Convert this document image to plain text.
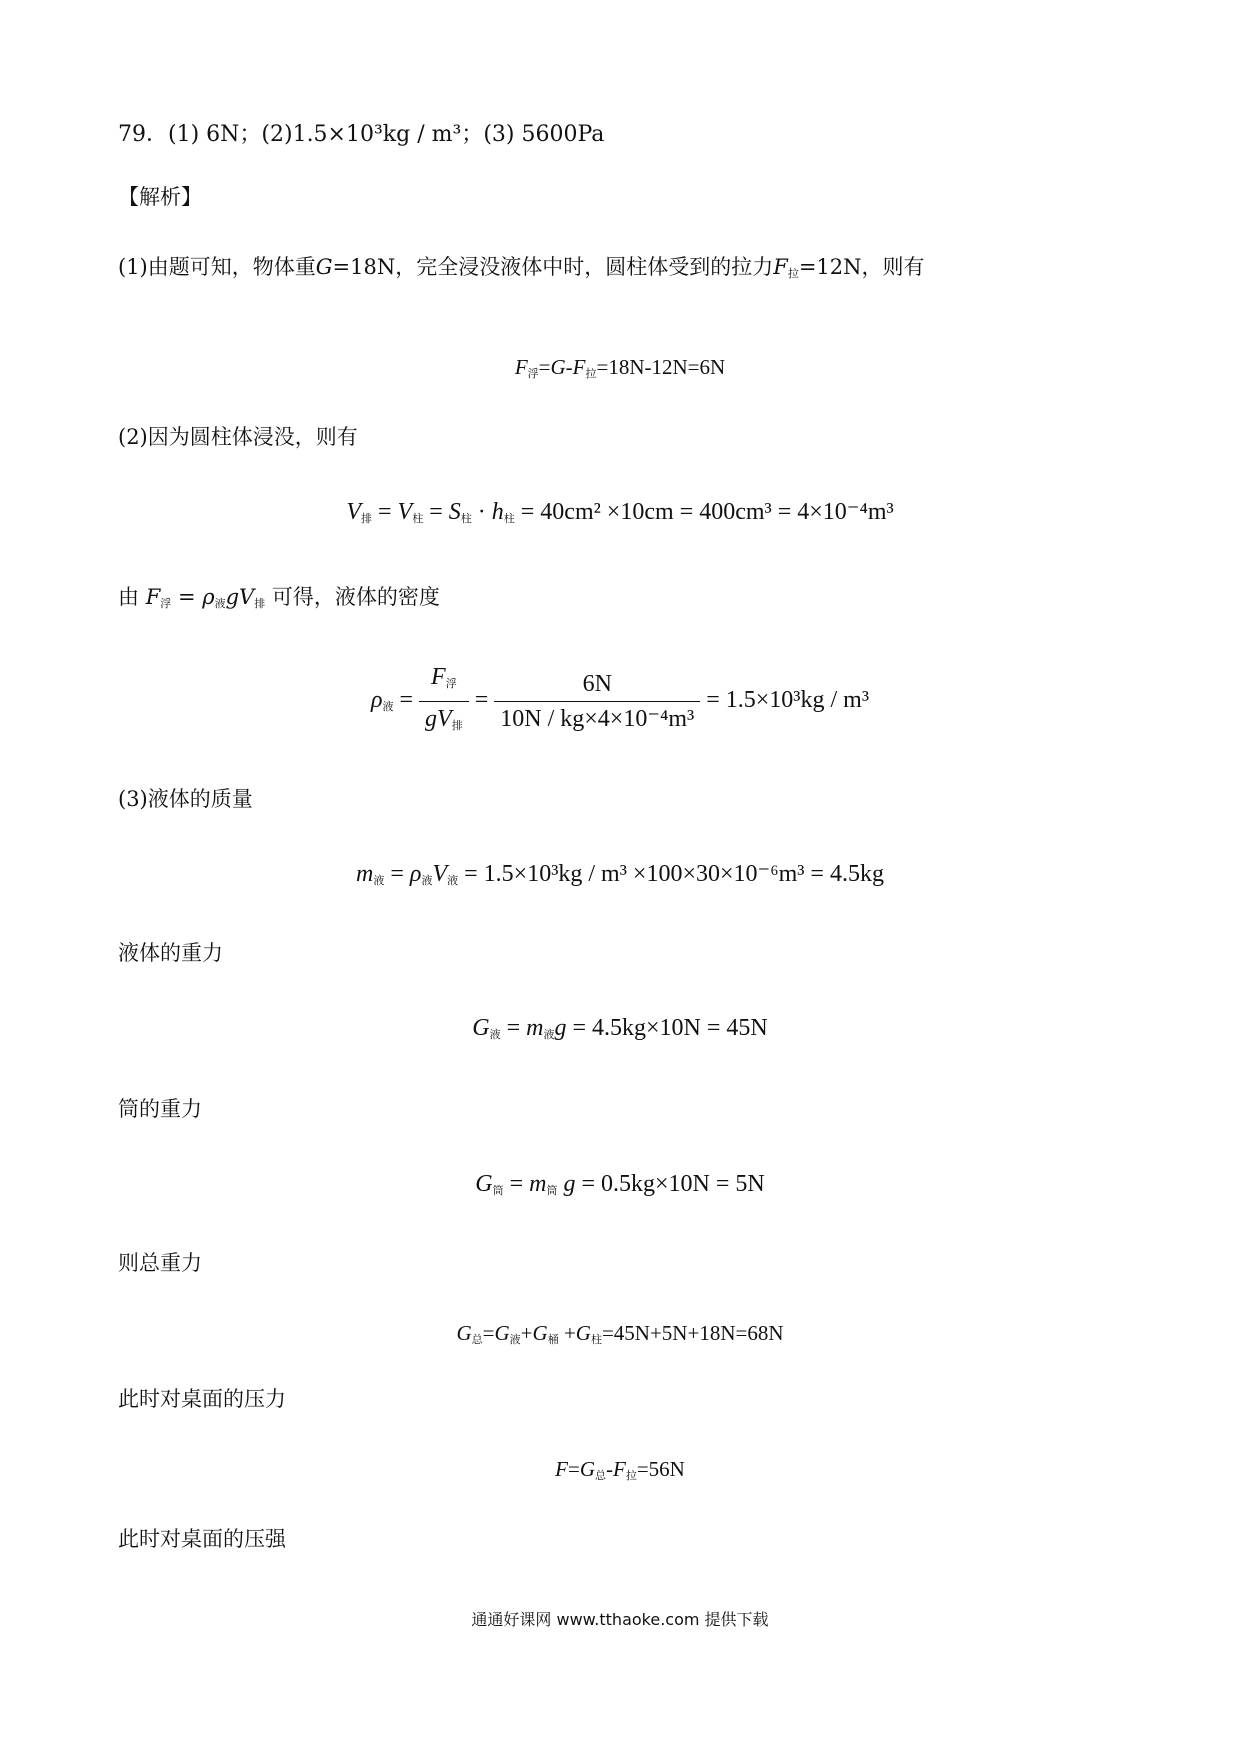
79．(1) 6N；(2)1.5×10³kg / m³；(3) 5600Pa
【解析】
(1)由题可知，物体重G=18N，完全浸没液体中时，圆柱体受到的拉力$F_拉=12N$，则有
$F_浮=G-F_拉=18N-12N=6N$
(2)因为圆柱体浸没，则有
$V_排 = V_柱 = S_柱 \cdot h_柱 = 40cm^2 \times 10cm = 400cm^3 = 4\times 10^{-4}m^3$
由 $F_浮 = \rho_液gV_排$ 可得，液体的密度
$\rho_液 = \frac{F_浮}{gV_排} = \frac{6N}{\text{10N / kg×4×10⁻⁴m³}} = 1.5\times 10^3kg / m^3$
(3)液体的质量
$m_液 = \rho_液V_液 = 1.5\times 10^3kg / m^3 \times 100\times 30\times 10^{-6}m^3 = 4.5kg$
液体的重力
$G_液 = m_液g = 4.5kg\times 10N = 45N$
筒的重力
$G_筒 = m_筒$ g = 0.5kg×10N = 5N
则总重力
$G_总=G_液+G_桶 +G_柱=45N+5N+18N=68N$
此时对桌面的压力
$F=G_总-F_拉=56N$
此时对桌面的压强
通通好课网 www.tthaoke.com 提供下载
